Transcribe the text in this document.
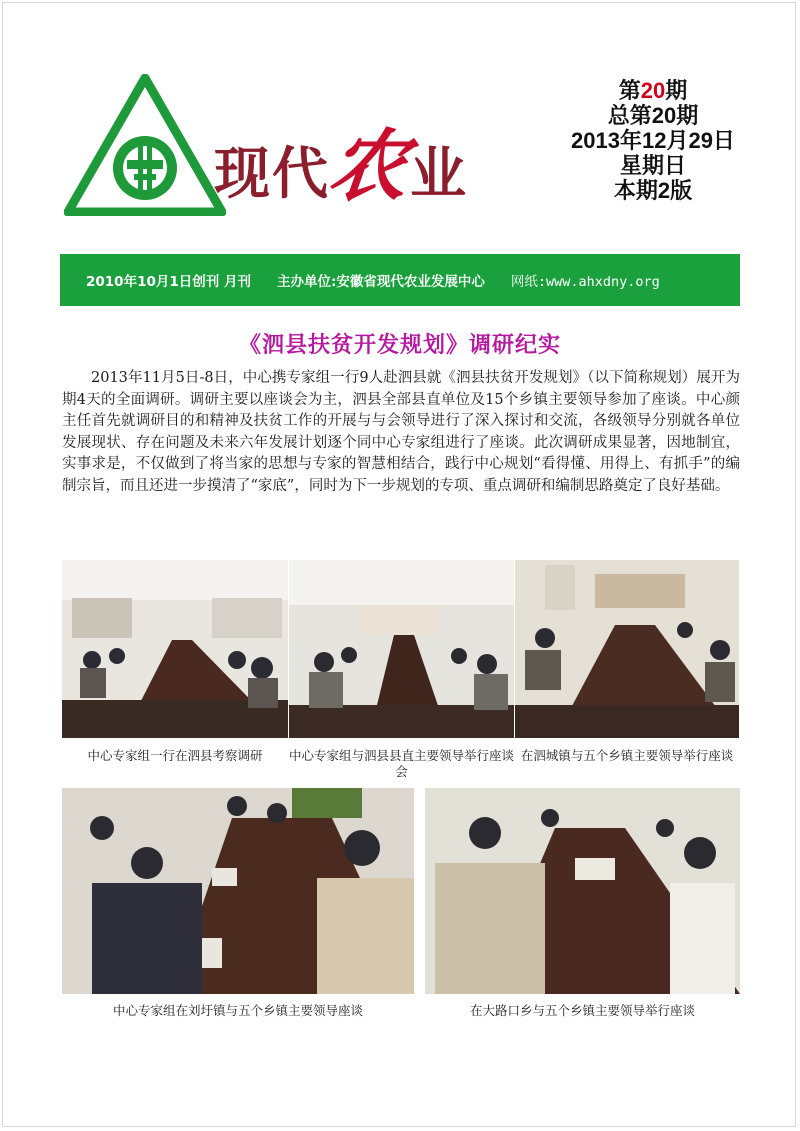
现代
农
业
第20期
总第20期
2013年12月29日
星期日
本期2版
2010年10月1日创刊 月刊 主办单位:安徽省现代农业发展中心 网纸:www.ahxdny.org
《泗县扶贫开发规划》调研纪实

2013年11月5日-8日，中心携专家组一行9人赴泗县就《泗县扶贫开发规划》（以下简称规划）展开为期4天的全面调研。调研主要以座谈会为主，泗县全部县直单位及15个乡镇主要领导参加了座谈。中心颜主任首先就调研目的和精神及扶贫工作的开展与与会领导进行了深入探讨和交流，各级领导分别就各单位发展现状、存在问题及未来六年发展计划逐个同中心专家组进行了座谈。此次调研成果显著，因地制宜，实事求是，不仅做到了将当家的思想与专家的智慧相结合，践行中心规划“看得懂、用得上、有抓手”的编制宗旨，而且还进一步摸清了“家底”，同时为下一步规划的专项、重点调研和编制思路奠定了良好基础。

中心专家组一行在泗县考察调研	中心专家组与泗县县直主要领导举行座谈会
在泗城镇与五个乡镇主要领导举行座谈
中心专家组在刘圩镇与五个乡镇主要领导座谈	在大路口乡与五个乡镇主要领导举行座谈
